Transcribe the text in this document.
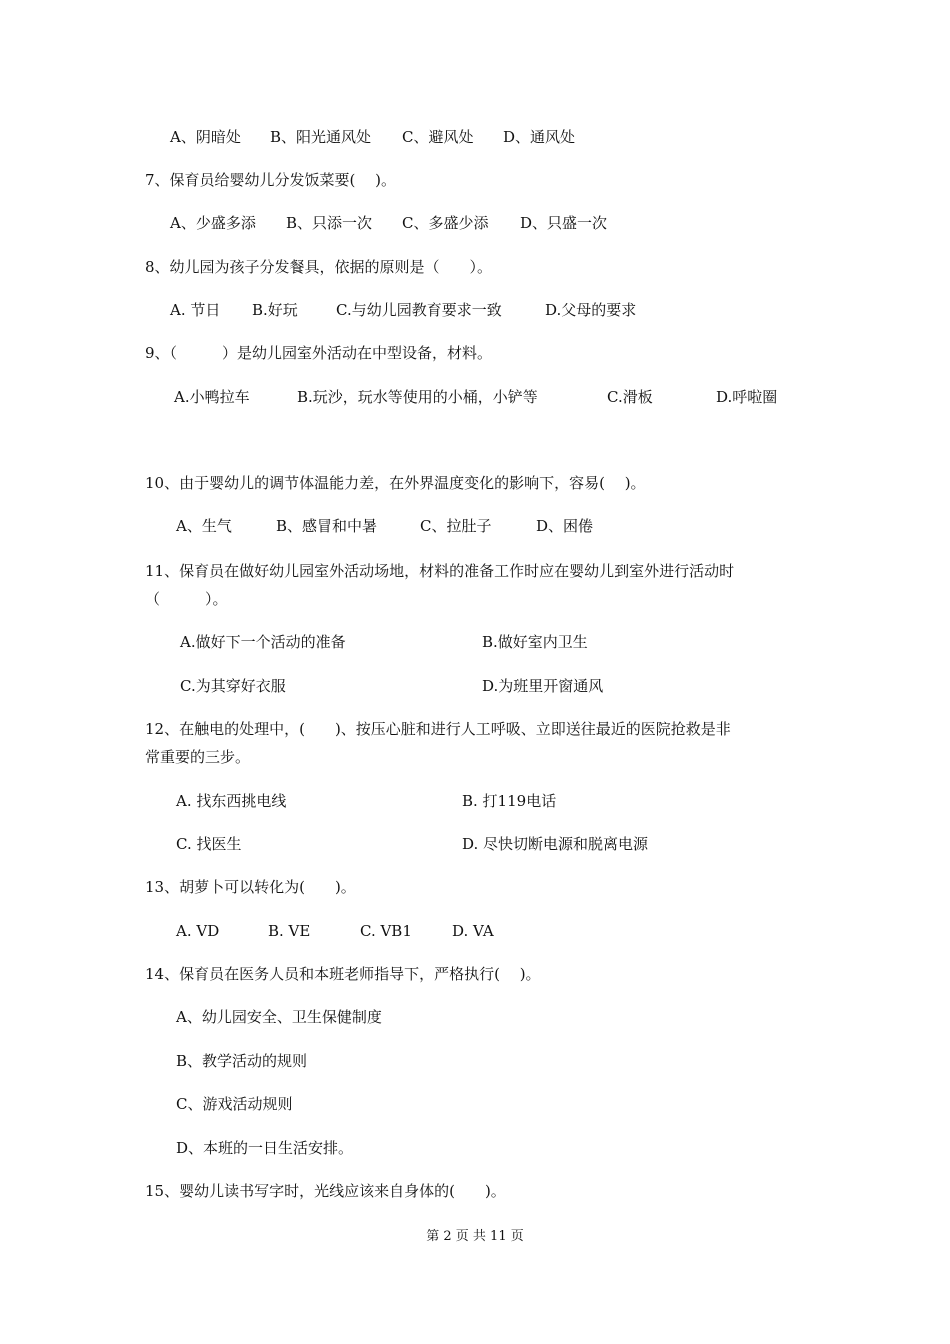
A、阴暗处 B、阳光通风处 C、避风处 D、通风处
7、保育员给婴幼儿分发饭菜要(　 )。
A、少盛多添 B、只添一次 C、多盛少添 D、只盛一次
8、幼儿园为孩子分发餐具，依据的原则是（　　）。
A. 节日 B.好玩	C.与幼儿园教育要求一致	D.父母的要求
9、（　　　）是幼儿园室外活动在中型设备，材料。
A.小鸭拉车	B.玩沙，玩水等使用的小桶，小铲等	C.滑板	D.呼啦圈
10、由于婴幼儿的调节体温能力差，在外界温度变化的影响下，容易(　 )。
A、生气	B、感冒和中暑	C、拉肚子	D、困倦
11、保育员在做好幼儿园室外活动场地，材料的准备工作时应在婴幼儿到室外进行活动时
（　　　）。
A.做好下一个活动的准备	B.做好室内卫生
C.为其穿好衣服	D.为班里开窗通风
12、在触电的处理中，(　　)、按压心脏和进行人工呼吸、立即送往最近的医院抢救是非
常重要的三步。
A. 找东西挑电线	B. 打119电话
C. 找医生	D. 尽快切断电源和脱离电源
13、胡萝卜可以转化为(　　)。
A. VD	B. VE	C. VB1	D. VA
14、保育员在医务人员和本班老师指导下，严格执行(　 )。
A、幼儿园安全、卫生保健制度
B、教学活动的规则
C、游戏活动规则
D、本班的一日生活安排。
15、婴幼儿读书写字时，光线应该来自身体的(　　)。
第 2 页 共 11 页
